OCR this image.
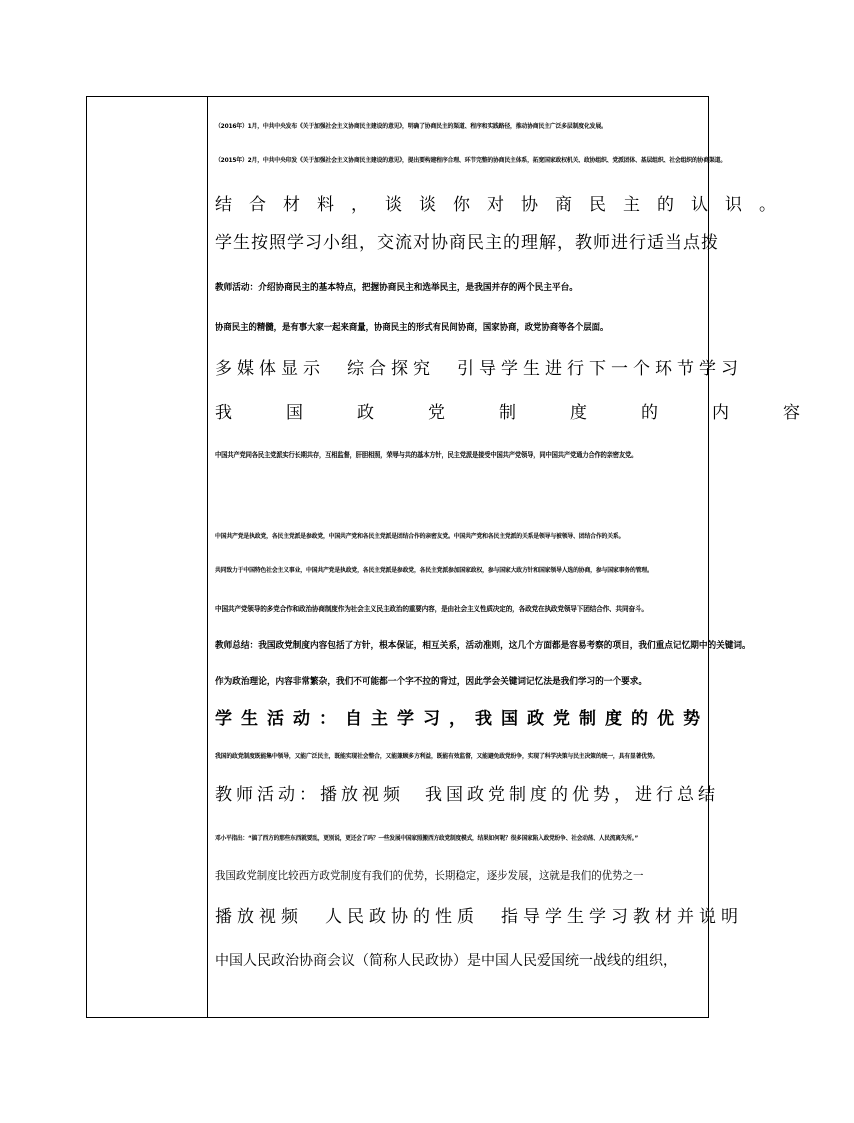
（2016年）1月，中共中央发布《关于加强社会主义协商民主建设的意见》，明确了协商民主的渠道、程序和实践路径，推动协商民主广泛多层制度化发展。
（2015年）2月，中共中央印发《关于加强社会主义协商民主建设的意见》，提出要构建程序合理、环节完整的协商民主体系，拓宽国家政权机关、政协组织、党派团体、基层组织、社会组织的协商渠道。
结合材料，谈谈你对协商民主的认识。
学生按照学习小组，交流对协商民主的理解，教师进行适当点拨
教师活动：介绍协商民主的基本特点，把握协商民主和选举民主，是我国并存的两个民主平台。
协商民主的精髓，是有事大家一起来商量，协商民主的形式有民间协商，国家协商，政党协商等各个层面。
多媒体显示　综合探究　引导学生进行下一个环节学习
我国政党制度的内容
中国共产党同各民主党派实行长期共存，互相监督，肝胆相照，荣辱与共的基本方针，民主党派是接受中国共产党领导，同中国共产党通力合作的亲密友党。
中国共产党是执政党，各民主党派是参政党，中国共产党和各民主党派是团结合作的亲密友党。中国共产党和各民主党派的关系是领导与被领导、团结合作的关系。
共同致力于中国特色社会主义事业，中国共产党是执政党，各民主党派是参政党，各民主党派参加国家政权，参与国家大政方针和国家领导人选的协商，参与国家事务的管理。
中国共产党领导的多党合作和政治协商制度作为社会主义民主政治的重要内容，是由社会主义性质决定的，各政党在执政党领导下团结合作、共同奋斗。
教师总结：我国政党制度内容包括了方针，根本保证，相互关系，活动准则，这几个方面都是容易考察的项目，我们重点记忆期中的关键词。
作为政治理论，内容非常繁杂，我们不可能都一个字不拉的背过，因此学会关键词记忆法是我们学习的一个要求。
学生活动：自主学习，我国政党制度的优势
我国的政党制度既能集中领导，又能广泛民主，既能实现社会整合，又能兼顾多方利益，既能有效监督，又能避免政党纷争，实现了科学决策与民主决策的统一，具有显著优势。
教师活动：播放视频　我国政党制度的优势，进行总结
邓小平指出：“搞了西方的那些东西就要乱，更别说，更还会了吗？一些发展中国家照搬西方政党制度模式，结果如何呢？很多国家陷入政党纷争、社会动荡、人民流离失所。”
我国政党制度比较西方政党制度有我们的优势，长期稳定，逐步发展，这就是我们的优势之一
播放视频　人民政协的性质　指导学生学习教材并说明
中国人民政治协商会议（简称人民政协）是中国人民爱国统一战线的组织，
